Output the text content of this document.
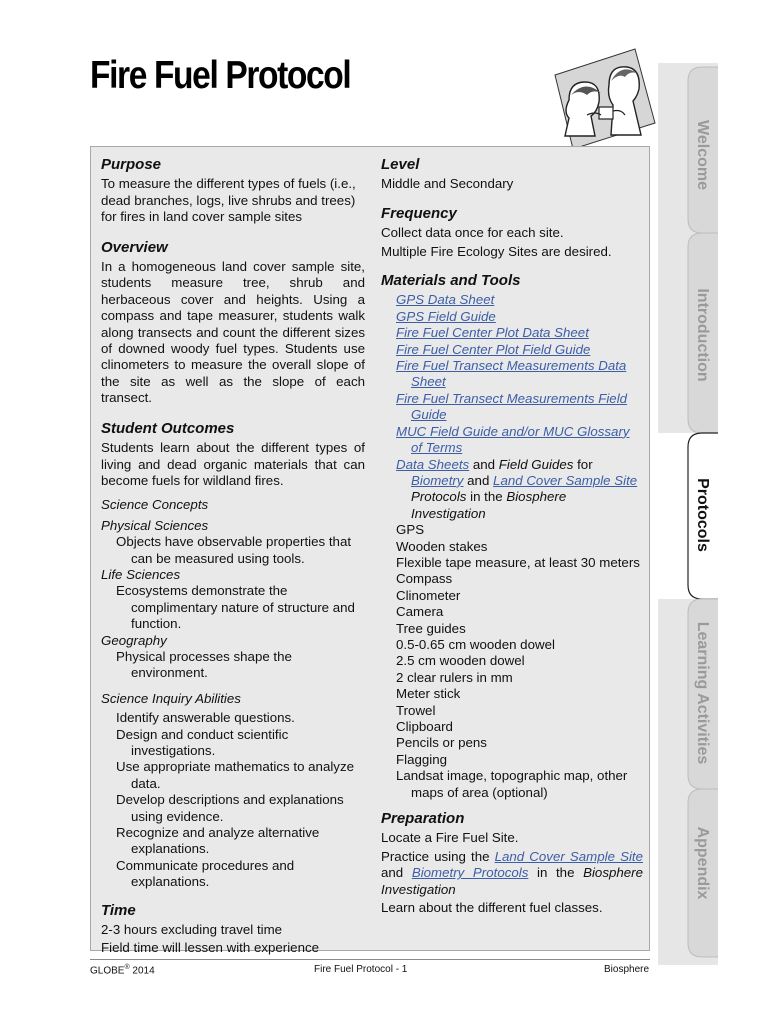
Fire Fuel Protocol
Purpose

To measure the different types of fuels (i.e., dead branches, logs, live shrubs and trees) for fires in land cover sample sites

Overview

In a homogeneous land cover sample site, students measure tree, shrub and herbaceous cover and heights. Using a compass and tape measurer, students walk along transects and count the different sizes of downed woody fuel types. Students use clinometers to measure the overall slope of the site as well as the slope of each transect.

Student Outcomes

Students learn about the different types of living and dead organic materials that can become fuels for wildland fires.

Science Concepts

Physical Sciences

Objects have observable properties that can be measured using tools.

Life Sciences

Ecosystems demonstrate the complimentary nature of structure and function.

Geography

Physical processes shape the environment.

Science Inquiry Abilities

Identify answerable questions.

Design and conduct scientific investigations.

Use appropriate mathematics to analyze data.

Develop descriptions and explanations using evidence.

Recognize and analyze alternative explanations.

Communicate procedures and explanations.

Time

2-3 hours excluding travel time

Field time will lessen with experience

Level

Middle and Secondary

Frequency

Collect data once for each site.

Multiple Fire Ecology Sites are desired.

Materials and Tools

GPS Data Sheet

GPS Field Guide

Fire Fuel Center Plot Data Sheet

Fire Fuel Center Plot Field Guide

Fire Fuel Transect Measurements Data Sheet

Fire Fuel Transect Measurements Field Guide

MUC Field Guide and/or MUC Glossary of Terms

Data Sheets and Field Guides for Biometry and Land Cover Sample Site Protocols in the Biosphere Investigation

GPS

Wooden stakes

Flexible tape measure, at least 30 meters

Compass

Clinometer

Camera

Tree guides

0.5-0.65 cm wooden dowel

2.5 cm wooden dowel

2 clear rulers in mm

Meter stick

Trowel

Clipboard

Pencils or pens

Flagging

Landsat image, topographic map, other maps of area (optional)

Preparation

Locate a Fire Fuel Site.

Practice using the Land Cover Sample Site and Biometry Protocols in the Biosphere Investigation

Learn about the different fuel classes.

Welcome
Introduction
Protocols
Learning Activities
Appendix
GLOBE® 2014	Fire Fuel Protocol - 1	Biosphere
